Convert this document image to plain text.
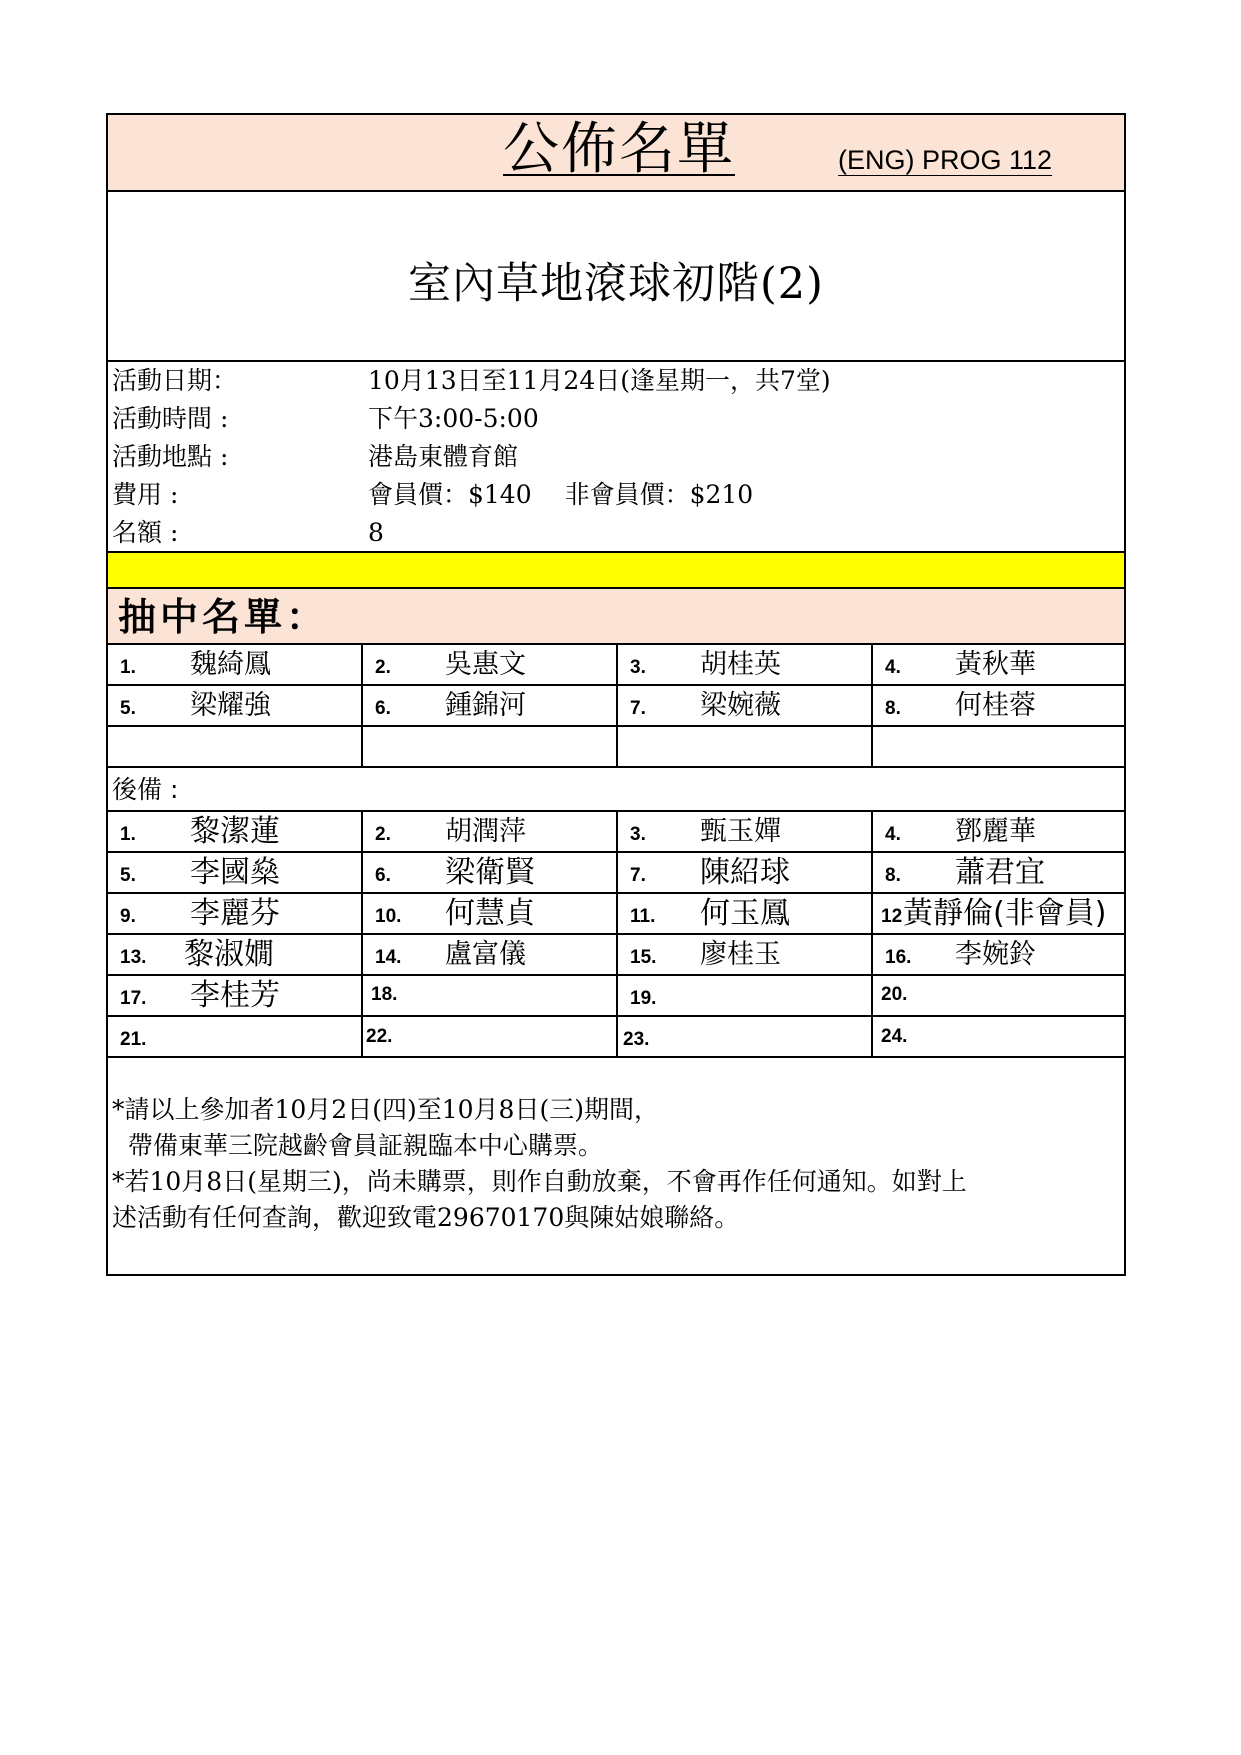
公佈名單	(ENG) PROG 112
室內草地滾球初階(2)
活動日期：	10月13日至11月24日(逢星期一，共7堂)
活動時間 :	下午3:00-5:00
活動地點 :	港島東體育館
費用 :	會員價：$140　 非會員價：$210
名額 :	8
抽中名單：
1. 魏綺鳳	2. 吳惠文	3. 胡桂英	4. 黃秋華
5. 梁耀強	6. 鍾錦河	7. 梁婉薇	8. 何桂蓉
後備 :
1. 黎潔蓮	2. 胡潤萍	3. 甄玉嬋	4. 鄧麗華
5. 李國燊	6. 梁衛賢	7. 陳紹球	8. 蕭君宜
9. 李麗芬	10. 何慧貞	11. 何玉鳳	12 黃靜倫(非會員)
13. 黎淑嫺	14. 盧富儀	15. 廖桂玉	16. 李婉鈴
17. 李桂芳	18.	19.	20.
21.	22.	23.	24.
*請以上參加者10月2日(四)至10月8日(三)期間，
帶備東華三院越齡會員証親臨本中心購票。
*若10月8日(星期三)，尚未購票，則作自動放棄，不會再作任何通知。如對上
述活動有任何查詢，歡迎致電29670170與陳姑娘聯絡。
